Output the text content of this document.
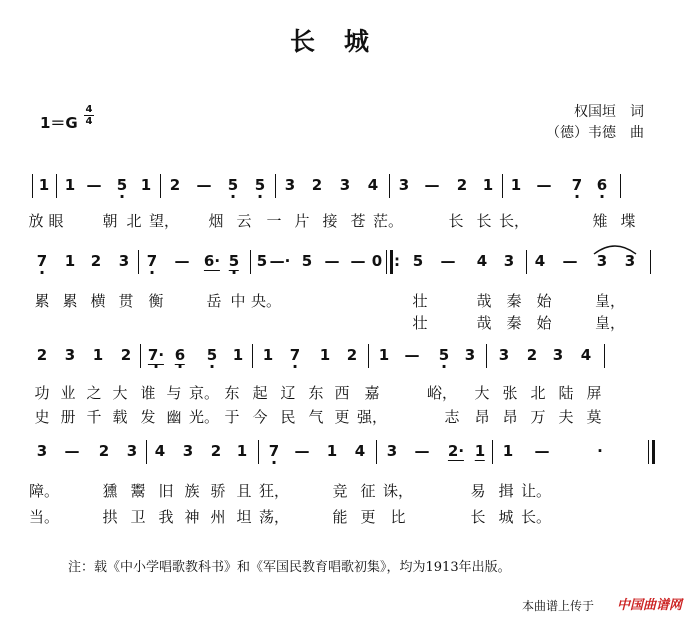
长　城
1＝G
4
4
权国垣　词
（德）韦德　曲
1 1 — 5 · 1 2 — 5 · 5 · 3 2 3 4 3 — 2 1 1 — 7 · 6 ·
放 眼	朝 北 望， 烟 云 一 片 接 苍 茫。	长 长 长，	雉 堞
7 · 1 2 3 7 · — 6· 5 · 5 —· 5 — — 0 : 5 — 4 3 4 — 3 3
累 累 横 贯 衡	岳 中 央。	壮	哉 秦 始	皇，
壮	哉 秦 始	皇，
2 3 1 2 7· · 6 · 5 · 1 1 7 · 1 2 1 — 5 · 3 3 2 3 4
功 业 之 大 谁 与 京。 东 起 辽 东 西 嘉	峪， 大 张 北 陆 屏
史 册 千 载 发 幽 光。 于 今 民 气 更 强，	志 昂 昂 万 夫 莫
3 — 2 3 4 3 2 1 7 · — 1 4 3 — 2· 1 1 —	·
障。	獯 鬻 旧 族 骄 且 狂，	竞 征 诛，	易 揖 让。
当。	拱 卫 我 神 州 坦 荡，	能 更 比	长 城 长。
注：载《中小学唱歌教科书》和《军国民教育唱歌初集》，均为1913年出版。
本曲谱上传于 中国曲谱网
